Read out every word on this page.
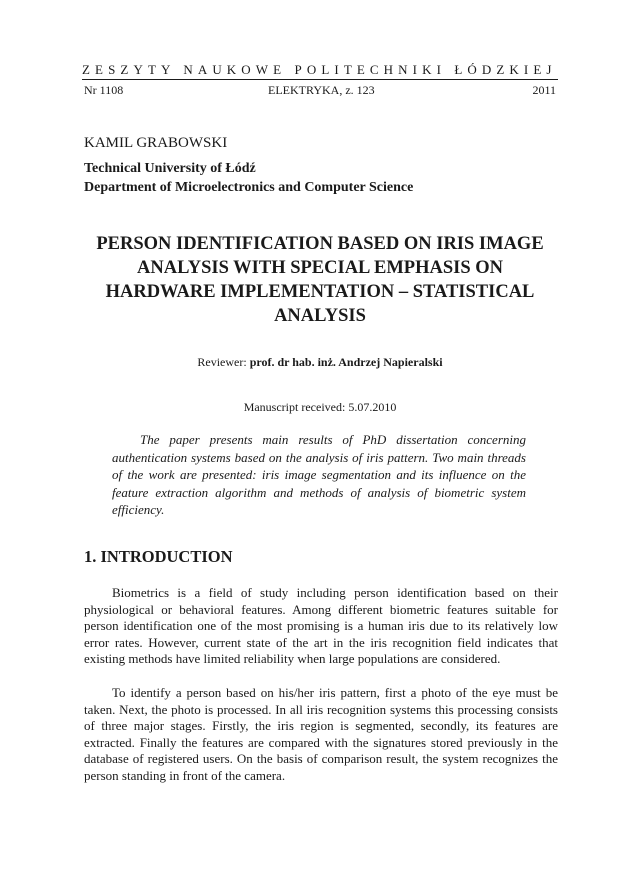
ZESZYTY NAUKOWE POLITECHNIKI ŁÓDZKIEJ
Nr 1108	ELEKTRYKA, z. 123	2011
KAMIL GRABOWSKI
Technical University of Łódź
Department of Microelectronics and Computer Science
PERSON IDENTIFICATION BASED ON IRIS IMAGE ANALYSIS WITH SPECIAL EMPHASIS ON HARDWARE IMPLEMENTATION – STATISTICAL ANALYSIS
Reviewer: prof. dr hab. inż. Andrzej Napieralski
Manuscript received: 5.07.2010

The paper presents main results of PhD dissertation concerning authentication systems based on the analysis of iris pattern. Two main threads of the work are presented: iris image segmentation and its influence on the feature extraction algorithm and methods of analysis of biometric system efficiency.

1. INTRODUCTION

Biometrics is a field of study including person identification based on their physiological or behavioral features. Among different biometric features suitable for person identification one of the most promising is a human iris due to its relatively low error rates. However, current state of the art in the iris recognition field indicates that existing methods have limited reliability when large populations are considered.

To identify a person based on his/her iris pattern, first a photo of the eye must be taken. Next, the photo is processed. In all iris recognition systems this processing consists of three major stages. Firstly, the iris region is segmented, secondly, its features are extracted. Finally the features are compared with the signatures stored previously in the database of registered users. On the basis of comparison result, the system recognizes the person standing in front of the camera.
